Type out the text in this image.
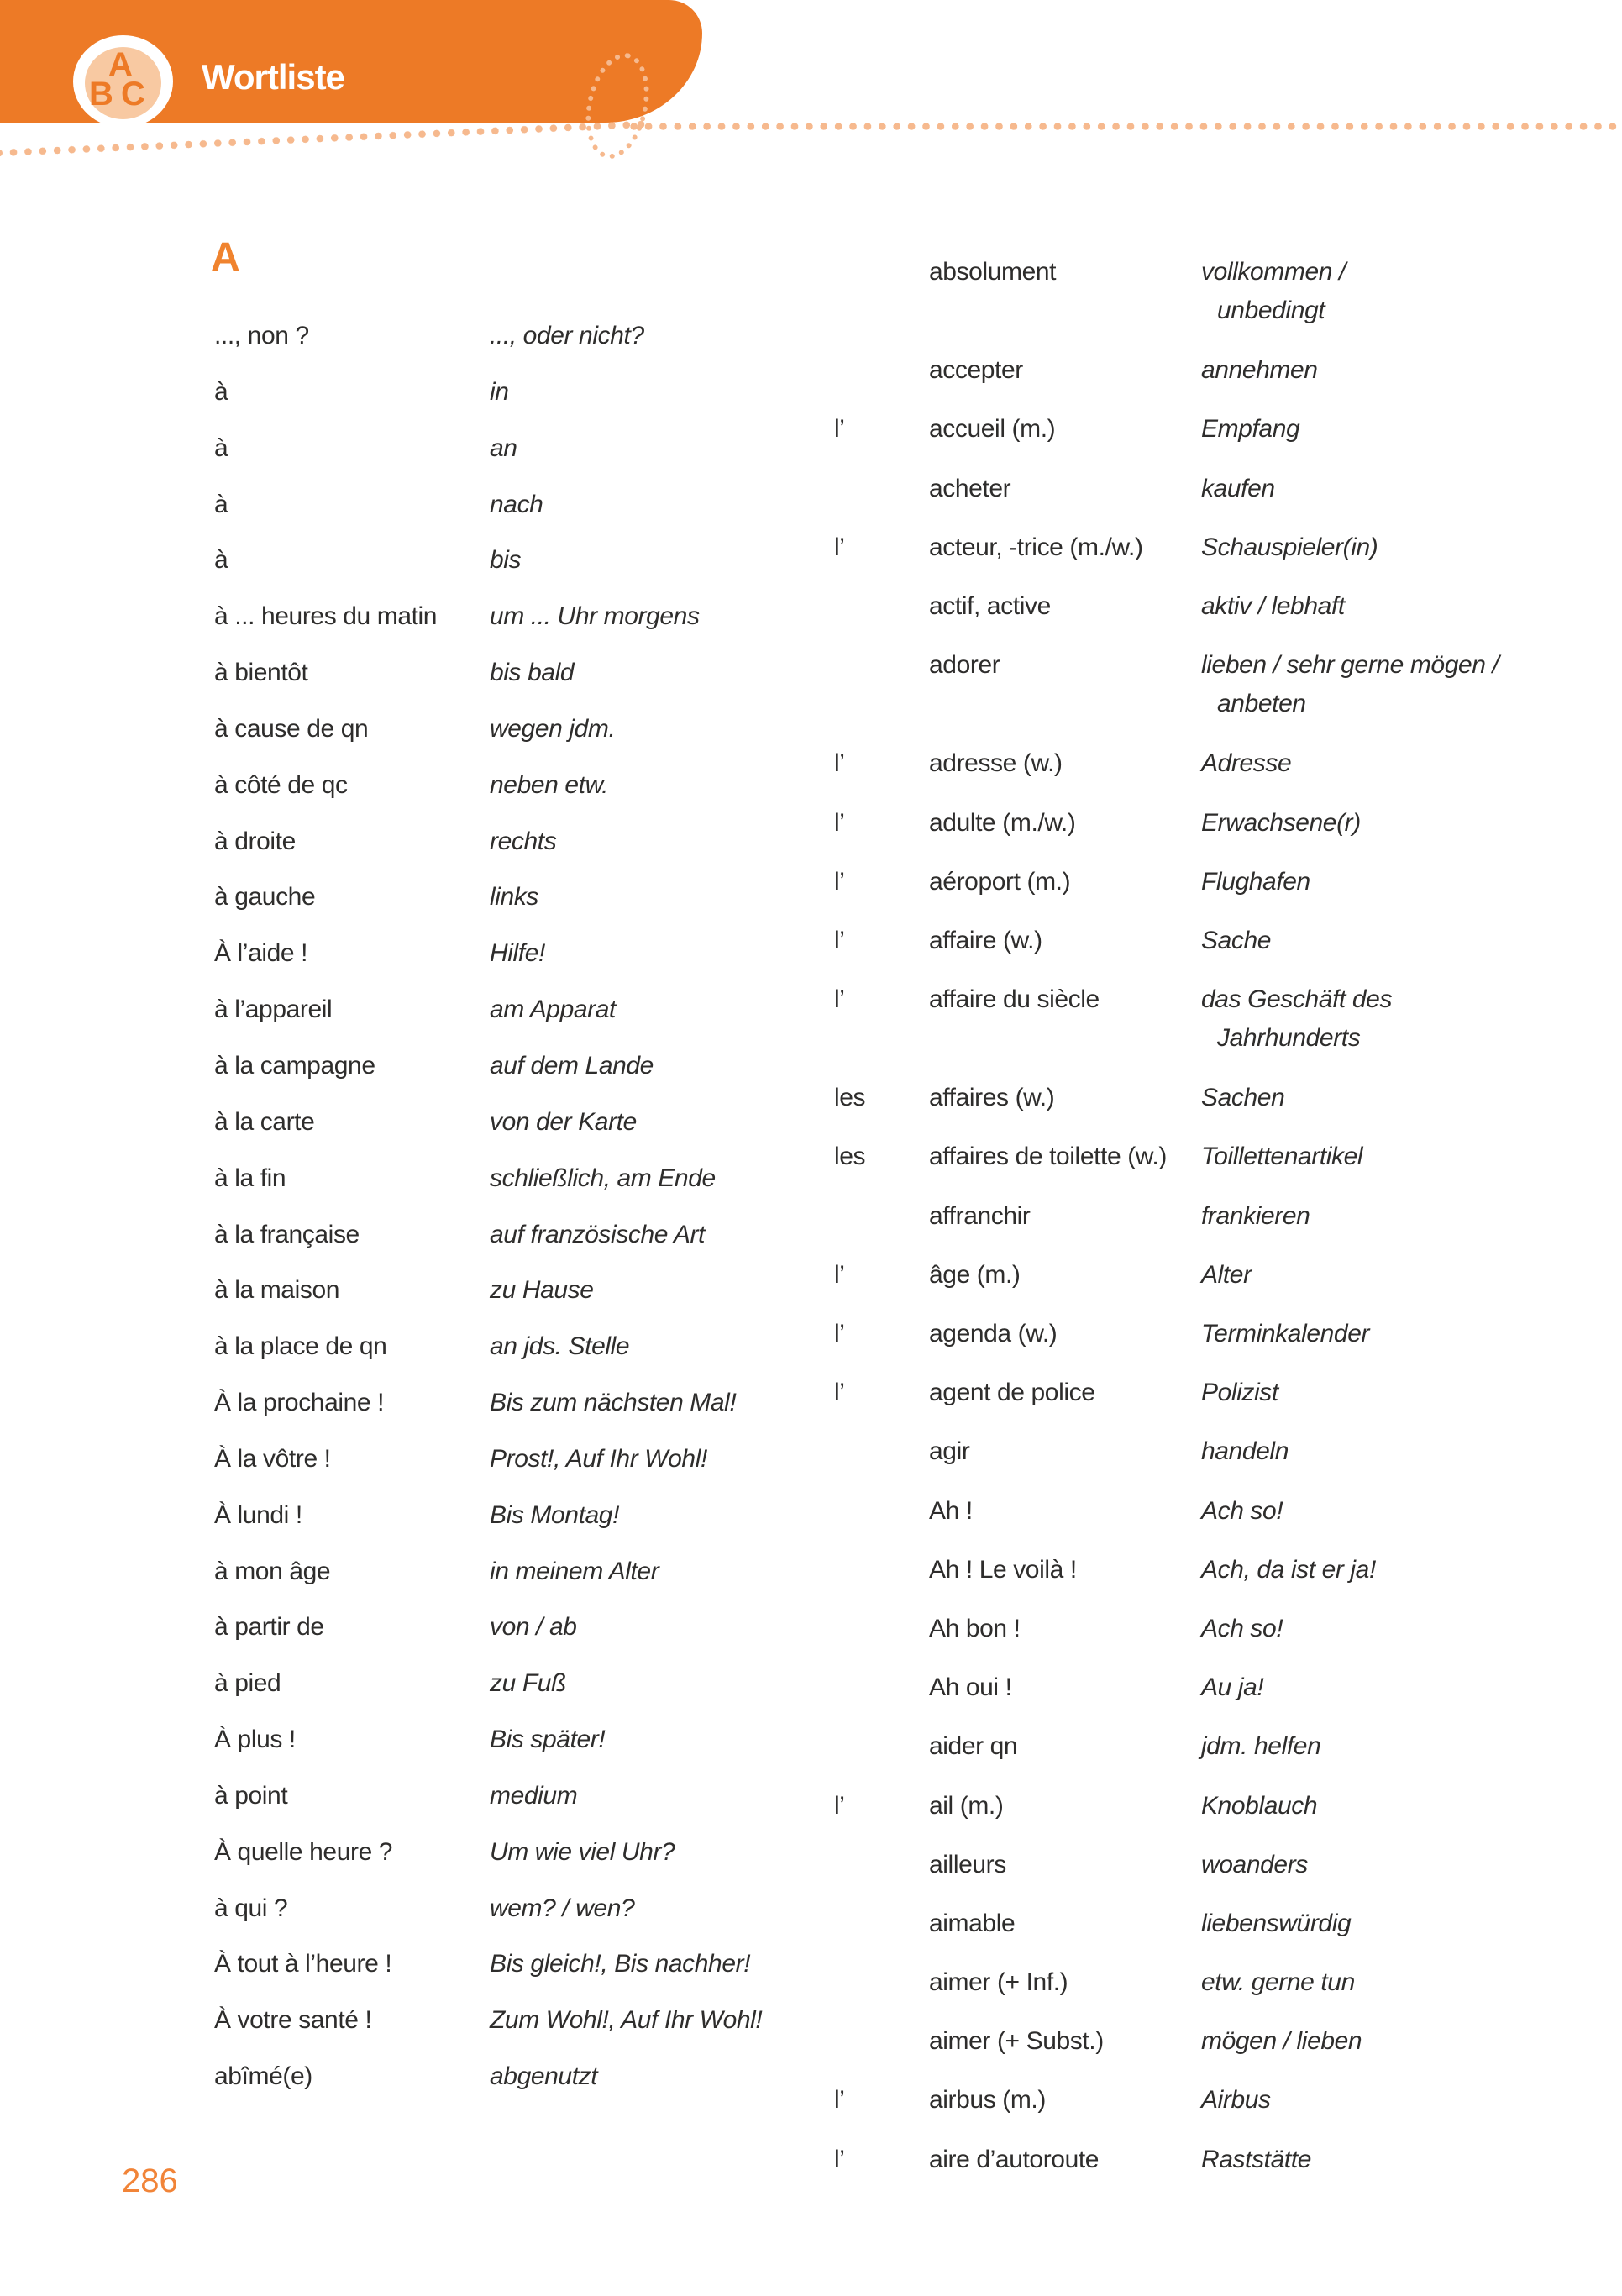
A
B C Wortliste
A
..., non ?	..., oder nicht?
à	in
à	an
à	nach
à	bis
à ... heures du matin	um ... Uhr morgens
à bientôt	bis bald
à cause de qn	wegen jdm.
à côté de qc	neben etw.
à droite	rechts
à gauche	links
À l’aide !	Hilfe!
à l’appareil	am Apparat
à la campagne	auf dem Lande
à la carte	von der Karte
à la fin	schließlich, am Ende
à la française	auf französische Art
à la maison	zu Hause
à la place de qn	an jds. Stelle
À la prochaine !	Bis zum nächsten Mal!
À la vôtre !	Prost!, Auf Ihr Wohl!
À lundi !	Bis Montag!
à mon âge	in meinem Alter
à partir de	von / ab
à pied	zu Fuß
À plus !	Bis später!
à point	medium
À quelle heure ?	Um wie viel Uhr?
à qui ?	wem? / wen?
À tout à l’heure !	Bis gleich!, Bis nachher!
À votre santé !	Zum Wohl!, Auf Ihr Wohl!
abîmé(e)	abgenutzt
absolument	vollkommen /
unbedingt
accepter	annehmen
l’	accueil (m.)	Empfang
acheter	kaufen
l’	acteur, -trice (m./w.)	Schauspieler(in)
actif, active	aktiv / lebhaft
adorer	lieben / sehr gerne mögen /
anbeten
l’	adresse (w.)	Adresse
l’	adulte (m./w.)	Erwachsene(r)
l’	aéroport (m.)	Flughafen
l’	affaire (w.)	Sache
l’	affaire du siècle	das Geschäft des
Jahrhunderts
les	affaires (w.)	Sachen
les	affaires de toilette (w.)	Toillettenartikel
affranchir	frankieren
l’	âge (m.)	Alter
l’	agenda (w.)	Terminkalender
l’	agent de police	Polizist
agir	handeln
Ah !	Ach so!
Ah ! Le voilà !	Ach, da ist er ja!
Ah bon !	Ach so!
Ah oui !	Au ja!
aider qn	jdm. helfen
l’	ail (m.)	Knoblauch
ailleurs	woanders
aimable	liebenswürdig
aimer (+ Inf.)	etw. gerne tun
aimer (+ Subst.)	mögen / lieben
l’	airbus (m.)	Airbus
l’	aire d’autoroute	Raststätte
286
